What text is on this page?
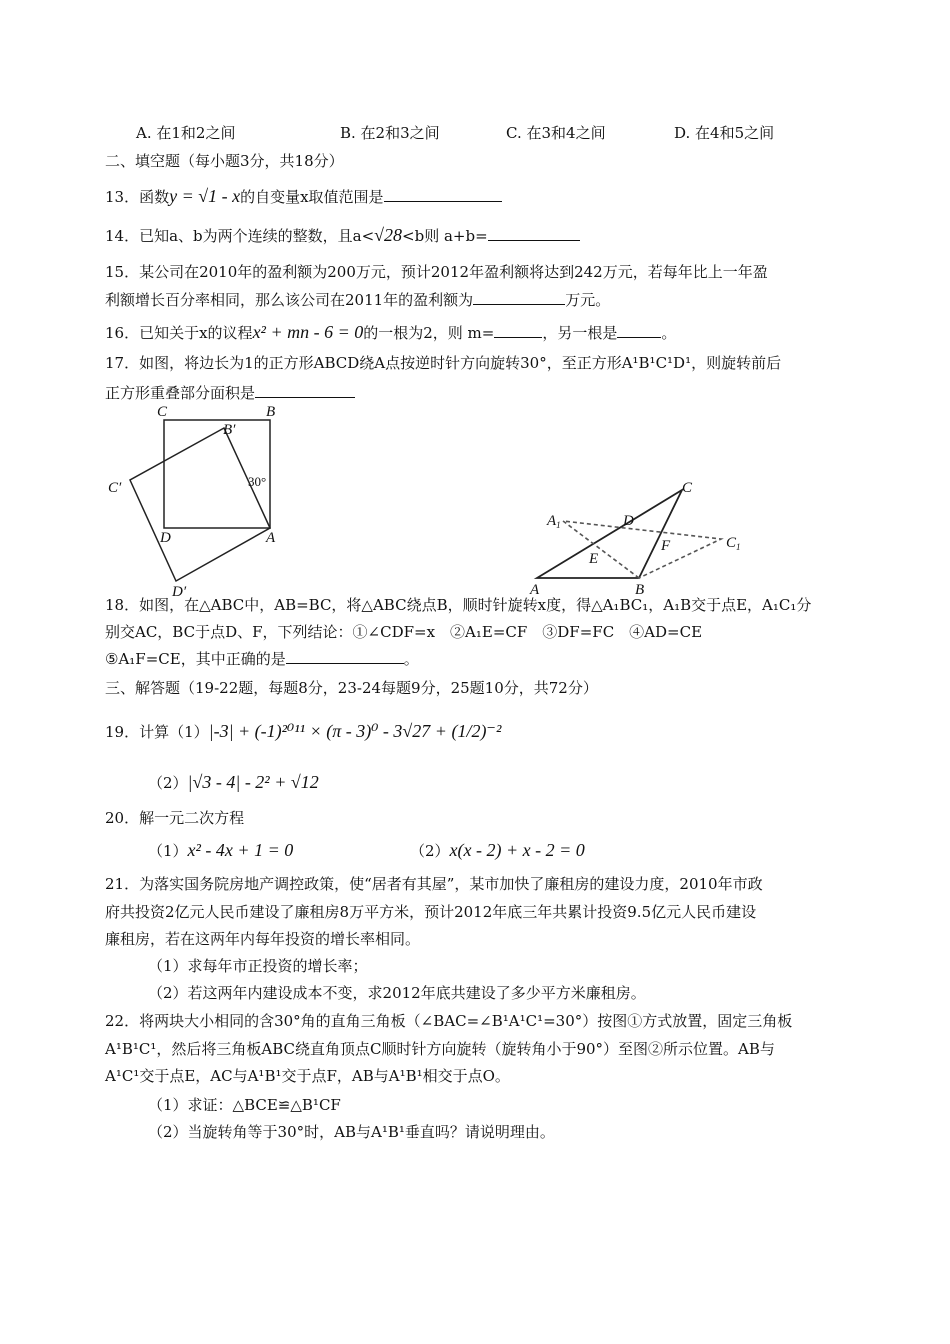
A. 在1和2之间	B. 在2和3之间	C. 在3和4之间	D. 在4和5之间
二、填空题（每小题3分，共18分）
13．函数y = √1 - x的自变量x取值范围是
14．已知a、b为两个连续的整数，且a<√28<b则 a+b=
15．某公司在2010年的盈利额为200万元，预计2012年盈利额将达到242万元，若每年比上一年盈
利额增长百分率相同，那么该公司在2011年的盈利额为	万元。
16．已知关于x的议程x² + mn - 6 = 0的一根为2，则 m=	，另一根是	。
17．如图，将边长为1的正方形ABCD绕A点按逆时针方向旋转30°，至正方形A¹B¹C¹D¹，则旋转前后
正方形重叠部分面积是
C	B
B′
C′	30°
D	A
D′
$A_1$	D
C
$C_1$
E
F
A	B
18．如图，在△ABC中，AB=BC，将△ABC绕点B，顺时针旋转x度，得△A₁BC₁，A₁B交于点E，A₁C₁分
别交AC，BC于点D、F，下列结论：①∠CDF=x　②A₁E=CF　③DF=FC　④AD=CE
⑤A₁F=CE，其中正确的是	。
三、解答题（19-22题，每题8分，23-24每题9分，25题10分，共72分）
19．计算（1）|-3| + (-1)²⁰¹¹ × (π - 3)⁰ - 3√27 + (1/2)⁻²
（2）|√3 - 4| - 2² + √12
20．解一元二次方程
（1）x² - 4x + 1 = 0	（2）x(x - 2) + x - 2 = 0
21．为落实国务院房地产调控政策，使“居者有其屋”，某市加快了廉租房的建设力度，2010年市政
府共投资2亿元人民币建设了廉租房8万平方米，预计2012年底三年共累计投资9.5亿元人民币建设
廉租房，若在这两年内每年投资的增长率相同。
（1）求每年市正投资的增长率；
（2）若这两年内建设成本不变，求2012年底共建设了多少平方米廉租房。
22．将两块大小相同的含30°角的直角三角板（∠BAC=∠B¹A¹C¹=30°）按图①方式放置，固定三角板
A¹B¹C¹，然后将三角板ABC绕直角顶点C顺时针方向旋转（旋转角小于90°）至图②所示位置。AB与
A¹C¹交于点E，AC与A¹B¹交于点F，AB与A¹B¹相交于点O。
（1）求证：△BCE≌△B¹CF
（2）当旋转角等于30°时，AB与A¹B¹垂直吗？请说明理由。
